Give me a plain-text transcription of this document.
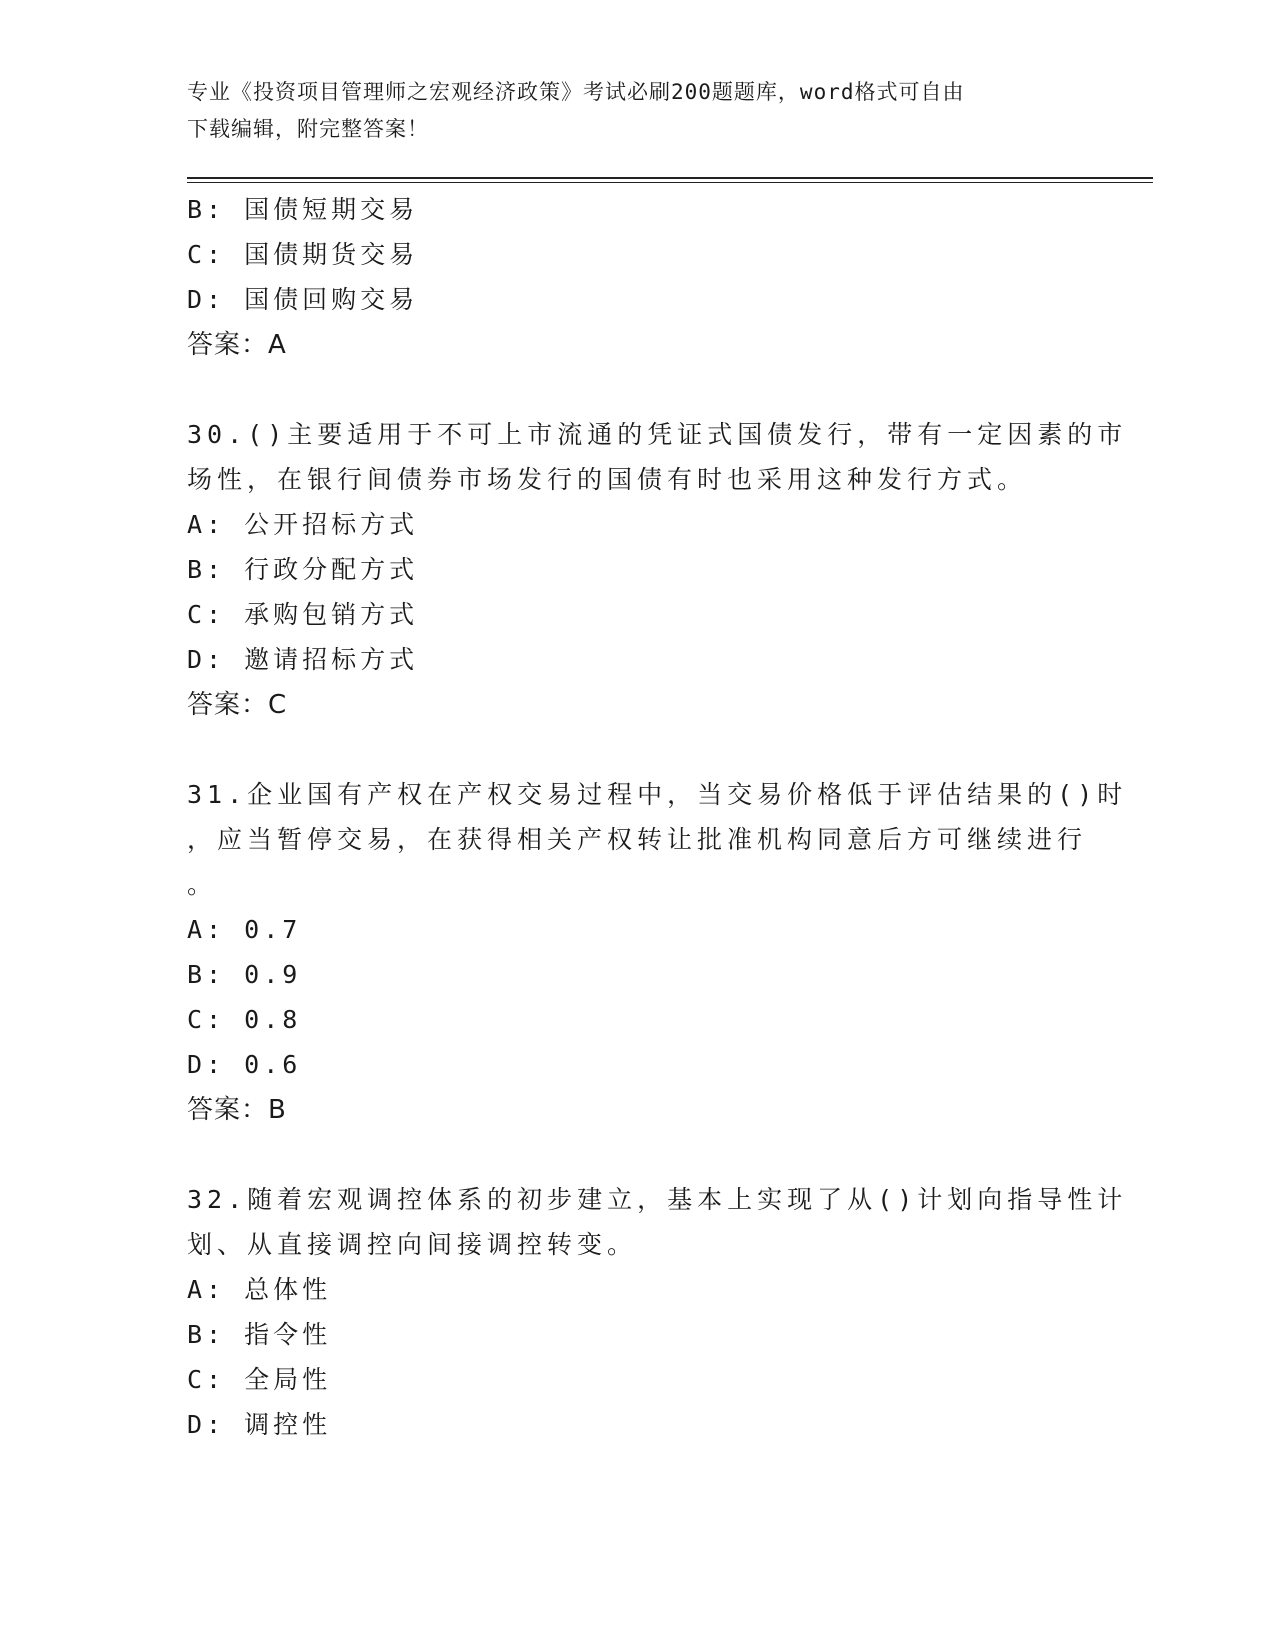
专业《投资项目管理师之宏观经济政策》考试必刷200题题库，word格式可自由
下载编辑，附完整答案！
B: 国债短期交易
C: 国债期货交易
D: 国债回购交易
答案：A
30.()主要适用于不可上市流通的凭证式国债发行，带有一定因素的市
场性，在银行间债券市场发行的国债有时也采用这种发行方式。
A: 公开招标方式
B: 行政分配方式
C: 承购包销方式
D: 邀请招标方式
答案：C
31.企业国有产权在产权交易过程中，当交易价格低于评估结果的()时
，应当暂停交易，在获得相关产权转让批准机构同意后方可继续进行
。
A: 0.7
B: 0.9
C: 0.8
D: 0.6
答案：B
32.随着宏观调控体系的初步建立，基本上实现了从()计划向指导性计
划、从直接调控向间接调控转变。
A: 总体性
B: 指令性
C: 全局性
D: 调控性
